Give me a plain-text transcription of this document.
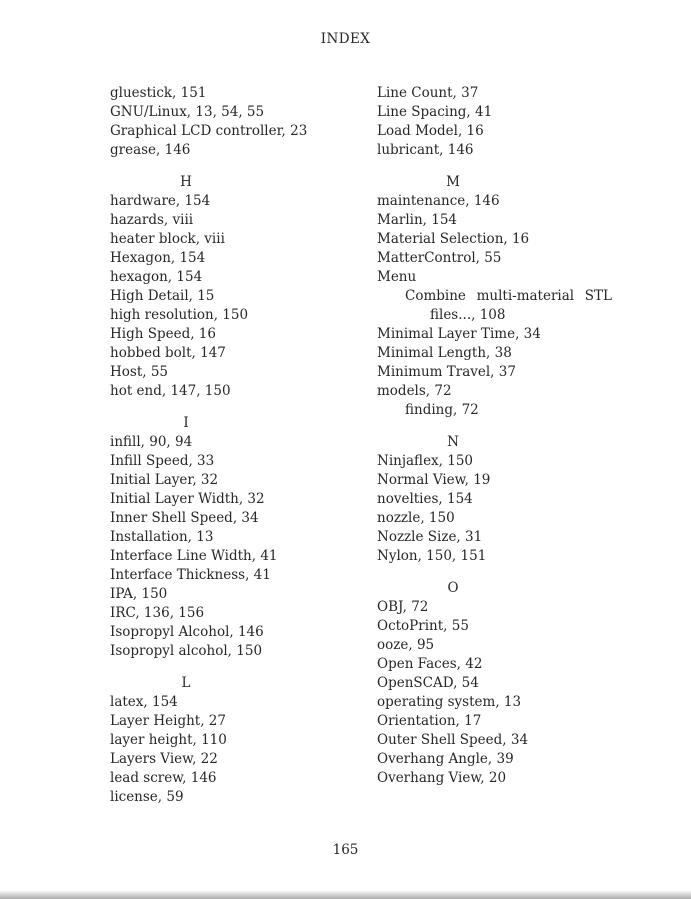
INDEX
gluestick, 151
GNU/Linux, 13, 54, 55
Graphical LCD controller, 23
grease, 146
H
hardware, 154
hazards, viii
heater block, viii
Hexagon, 154
hexagon, 154
High Detail, 15
high resolution, 150
High Speed, 16
hobbed bolt, 147
Host, 55
hot end, 147, 150
I
infill, 90, 94
Infill Speed, 33
Initial Layer, 32
Initial Layer Width, 32
Inner Shell Speed, 34
Installation, 13
Interface Line Width, 41
Interface Thickness, 41
IPA, 150
IRC, 136, 156
Isopropyl Alcohol, 146
Isopropyl alcohol, 150
L
latex, 154
Layer Height, 27
layer height, 110
Layers View, 22
lead screw, 146
license, 59
Line Count, 37
Line Spacing, 41
Load Model, 16
lubricant, 146
M
maintenance, 146
Marlin, 154
Material Selection, 16
MatterControl, 55
Menu
Combine multi-material STL
files..., 108
Minimal Layer Time, 34
Minimal Length, 38
Minimum Travel, 37
models, 72
finding, 72
N
Ninjaflex, 150
Normal View, 19
novelties, 154
nozzle, 150
Nozzle Size, 31
Nylon, 150, 151
O
OBJ, 72
OctoPrint, 55
ooze, 95
Open Faces, 42
OpenSCAD, 54
operating system, 13
Orientation, 17
Outer Shell Speed, 34
Overhang Angle, 39
Overhang View, 20
165
